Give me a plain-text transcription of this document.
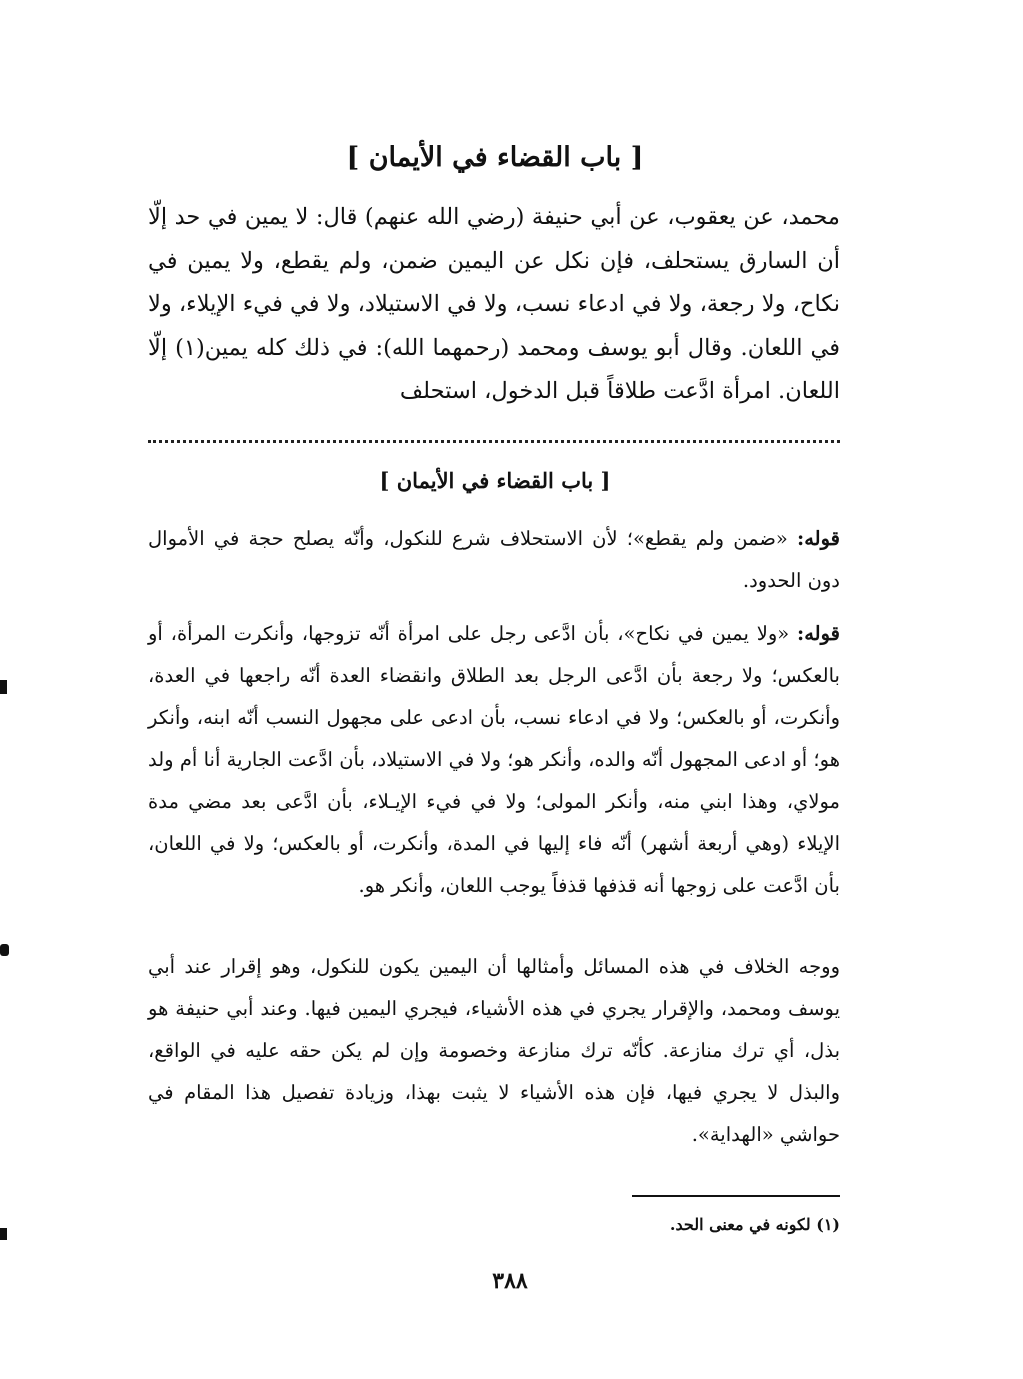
[ باب القضاء في الأيمان ]
محمد، عن يعقوب، عن أبي حنيفة (رضي الله عنهم) قال: لا يمين في حد إلّا أن السارق يستحلف، فإن نكل عن اليمين ضمن، ولم يقطع، ولا يمين في نكاح، ولا رجعة، ولا في ادعاء نسب، ولا في الاستيلاد، ولا في فيء الإيلاء، ولا في اللعان. وقال أبو يوسف ومحمد (رحمهما الله): في ذلك كله يمين(١) إلّا اللعان. امرأة ادَّعت طلاقاً قبل الدخول، استحلف
[ باب القضاء في الأيمان ]
قوله: «ضمن ولم يقطع»؛ لأن الاستحلاف شرع للنكول، وأنّه يصلح حجة في الأموال دون الحدود.
قوله: «ولا يمين في نكاح»، بأن ادَّعى رجل على امرأة أنّه تزوجها، وأنكرت المرأة، أو بالعكس؛ ولا رجعة بأن ادَّعى الرجل بعد الطلاق وانقضاء العدة أنّه راجعها في العدة، وأنكرت، أو بالعكس؛ ولا في ادعاء نسب، بأن ادعى على مجهول النسب أنّه ابنه، وأنكر هو؛ أو ادعى المجهول أنّه والده، وأنكر هو؛ ولا في الاستيلاد، بأن ادَّعت الجارية أنا أم ولد مولاي، وهذا ابني منه، وأنكر المولى؛ ولا في فيء الإيـلاء، بأن ادَّعى بعد مضي مدة الإيلاء (وهي أربعة أشهر) أنّه فاء إليها في المدة، وأنكرت، أو بالعكس؛ ولا في اللعان، بأن ادَّعت على زوجها أنه قذفها قذفاً يوجب اللعان، وأنكر هو.
ووجه الخلاف في هذه المسائل وأمثالها أن اليمين يكون للنكول، وهو إقرار عند أبي يوسف ومحمد، والإقرار يجري في هذه الأشياء، فيجري اليمين فيها. وعند أبي حنيفة هو بذل، أي ترك منازعة. كأنّه ترك منازعة وخصومة وإن لم يكن حقه عليه في الواقع، والبذل لا يجري فيها، فإن هذه الأشياء لا يثبت بهذا، وزيادة تفصيل هذا المقام في حواشي «الهداية».
(١) لكونه في معنى الحد.
٣٨٨
